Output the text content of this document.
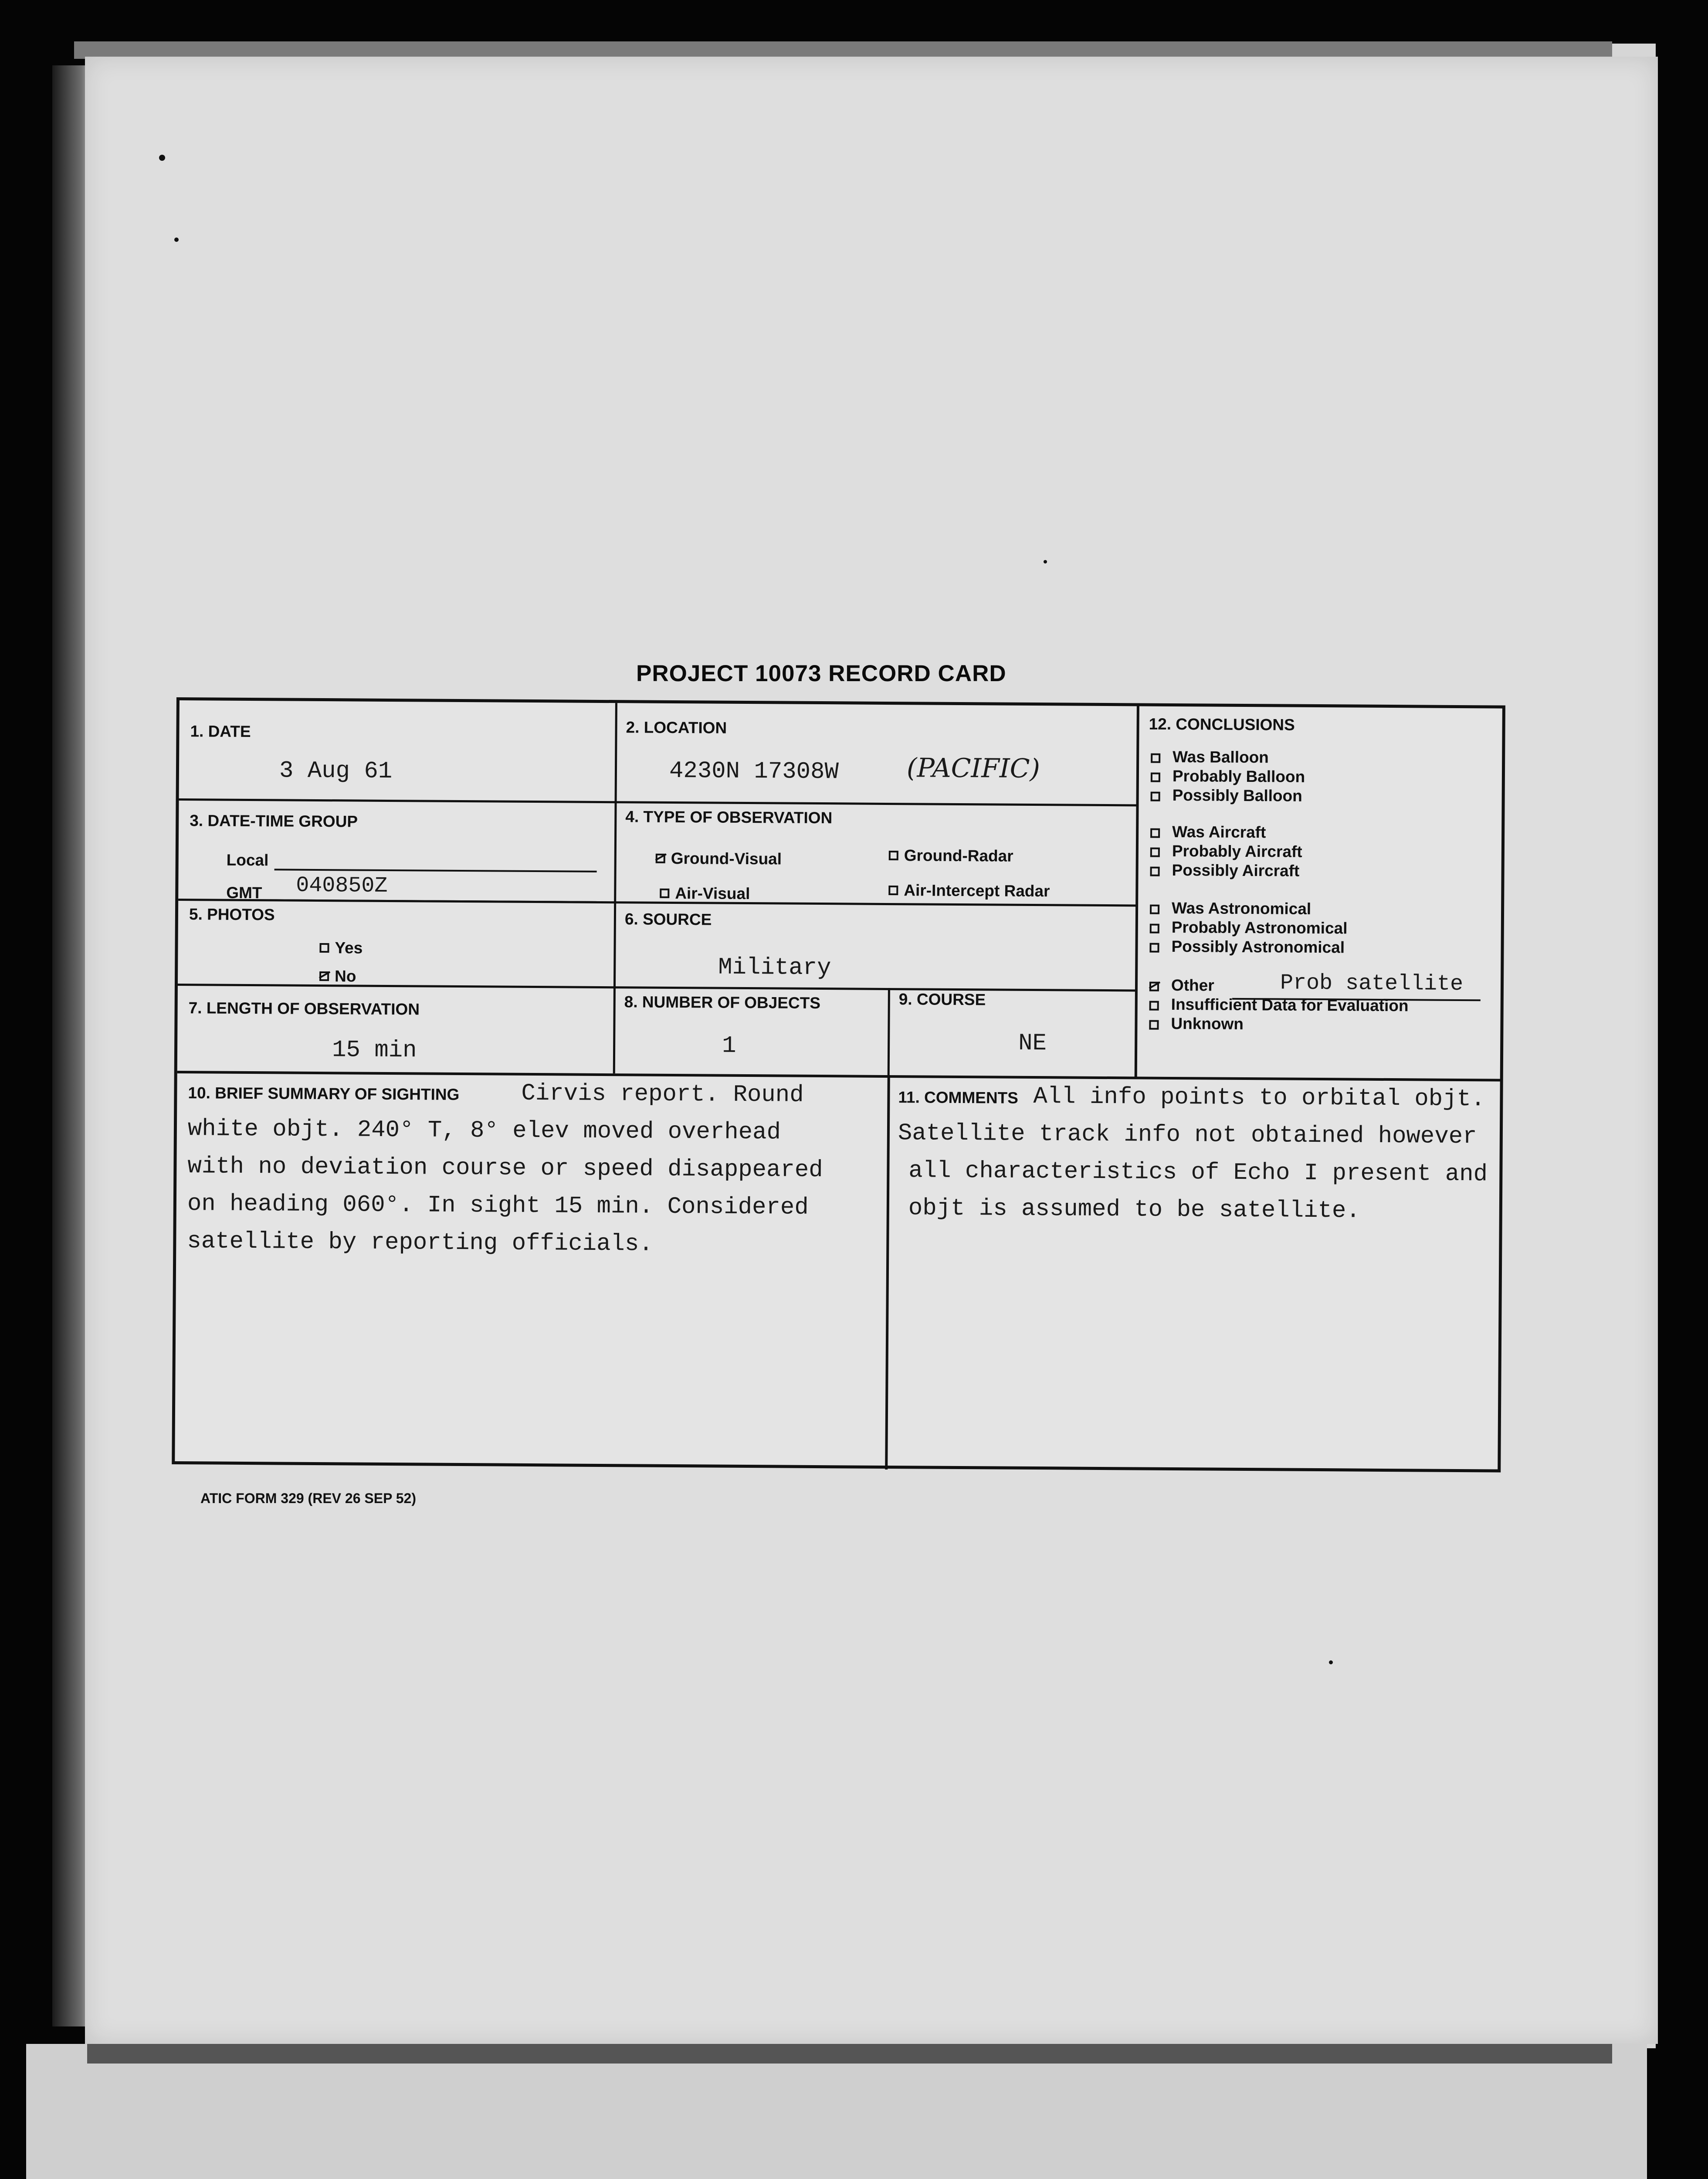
PROJECT 10073 RECORD CARD
1. DATE
3 Aug 61
2. LOCATION
4230N 17308W	(PACIFIC)
3. DATE-TIME GROUP
Local
GMT 040850Z
4. TYPE OF OBSERVATION
Ground-Visual	Ground-Radar
Air-Visual	Air-Intercept Radar
5. PHOTOS
Yes
No
6. SOURCE
Military
7. LENGTH OF OBSERVATION
15 min
8. NUMBER OF OBJECTS
1
9. COURSE
NE
12. CONCLUSIONS
Was Balloon
Probably Balloon
Possibly Balloon
Was Aircraft
Probably Aircraft
Possibly Aircraft
Was Astronomical
Probably Astronomical
Possibly Astronomical
Other	Prob satellite
Insufficient Data for Evaluation
Unknown
10. BRIEF SUMMARY OF SIGHTING	Cirvis report. Round
white objt. 240° T, 8° elev moved overhead
with no deviation course or speed disappeared
on heading 060°. In sight 15 min. Considered
satellite by reporting officials.
11. COMMENTS All info points to orbital objt.
Satellite track info not obtained however
all characteristics of Echo I present and
objt is assumed to be satellite.
ATIC FORM 329 (REV 26 SEP 52)
